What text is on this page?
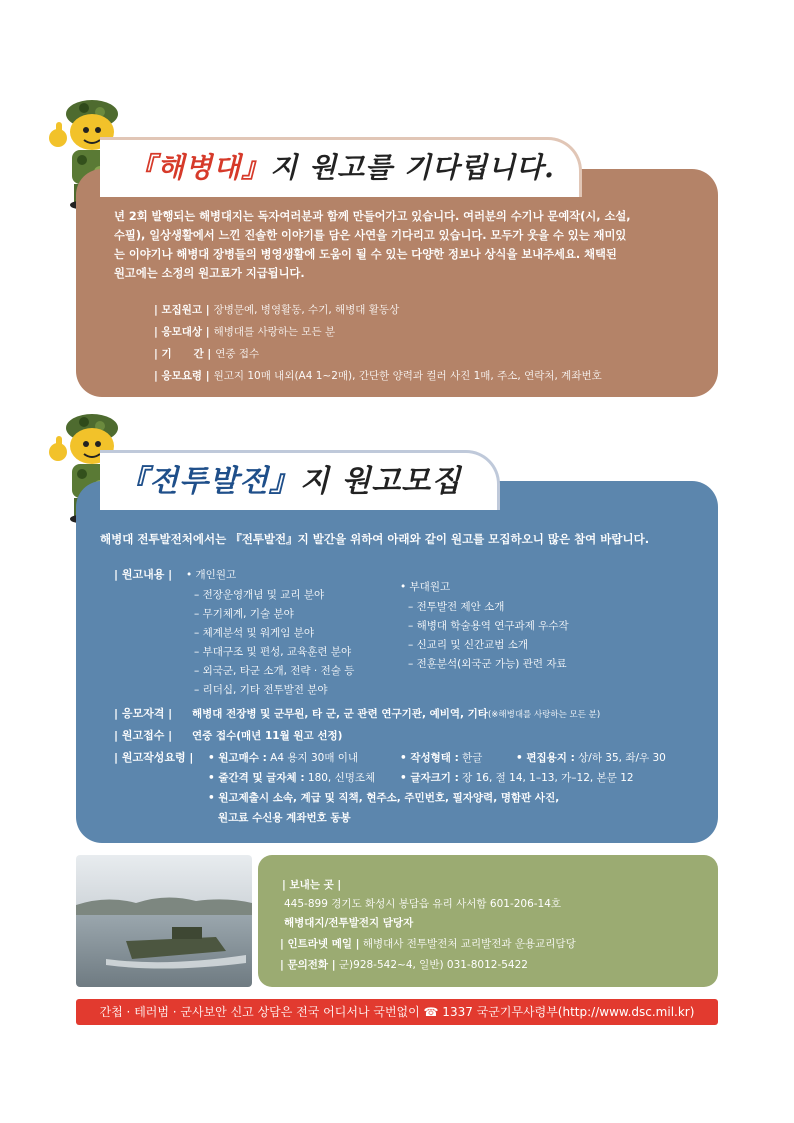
『해병대』지 원고를 기다립니다.
년 2회 발행되는 해병대지는 독자여러분과 함께 만들어가고 있습니다. 여러분의 수기나 문예작(시, 소설,
수필), 일상생활에서 느낀 진솔한 이야기를 담은 사연을 기다리고 있습니다. 모두가 웃을 수 있는 재미있
는 이야기나 해병대 장병들의 병영생활에 도움이 될 수 있는 다양한 정보나 상식을 보내주세요. 채택된
원고에는 소정의 원고료가 지급됩니다.
| 모집원고 | 장병문예, 병영활동, 수기, 해병대 활동상
| 응모대상 | 해병대를 사랑하는 모든 분
| 기      간 | 연중 접수
| 응모요령 | 원고지 10매 내외(A4 1~2매), 간단한 양력과 컬러 사진 1매, 주소, 연락처, 계좌번호
『전투발전』지 원고모집
해병대 전투발전처에서는 『전투발전』지 발간을 위하여 아래와 같이 원고를 모집하오니 많은 참여 바랍니다.
| 원고내용 | • 개인원고
– 전장운영개념 및 교리 분야
– 무기체계, 기술 분야
– 체계분석 및 워게임 분야
– 부대구조 및 편성, 교육훈련 분야
– 외국군, 타군 소개, 전략 · 전술 등
– 리더십, 기타 전투발전 분야
• 부대원고
– 전투발전 제안 소개
– 해병대 학술용역 연구과제 우수작
– 신교리 및 신간교범 소개
– 전훈분석(외국군 가능) 관련 자료
| 응모자격 | 해병대 전장병 및 군무원, 타 군, 군 관련 연구기관, 예비역, 기타(※해병대를 사랑하는 모든 분)
| 원고접수 | 연중 접수(매년 11월 원고 선정)
| 원고작성요령 | • 원고매수 : A4 용지 30매 이내	• 작성형태 : 한글	• 편집용지 : 상/하 35, 좌/우 30
• 줄간격 및 글자체 : 180, 신명조체 • 글자크기 : 장 16, 절 14, 1–13, 가–12, 본문 12
• 원고제출시 소속, 계급 및 직책, 현주소, 주민번호, 필자양력, 명함판 사진,
원고료 수신용 계좌번호 동봉
| 보내는 곳 |
445-899 경기도 화성시 봉담읍 유리 사서함 601-206-14호
해병대지/전투발전지 담당자
| 인트라넷 메일 | 해병대사 전투발전처 교리발전과 운용교리담당
| 문의전화 | 군)928-542~4, 일반) 031-8012-5422
간첩 · 테러범 · 군사보안 신고 상담은 전국 어디서나 국번없이 ☎ 1337 국군기무사령부(http://www.dsc.mil.kr)
